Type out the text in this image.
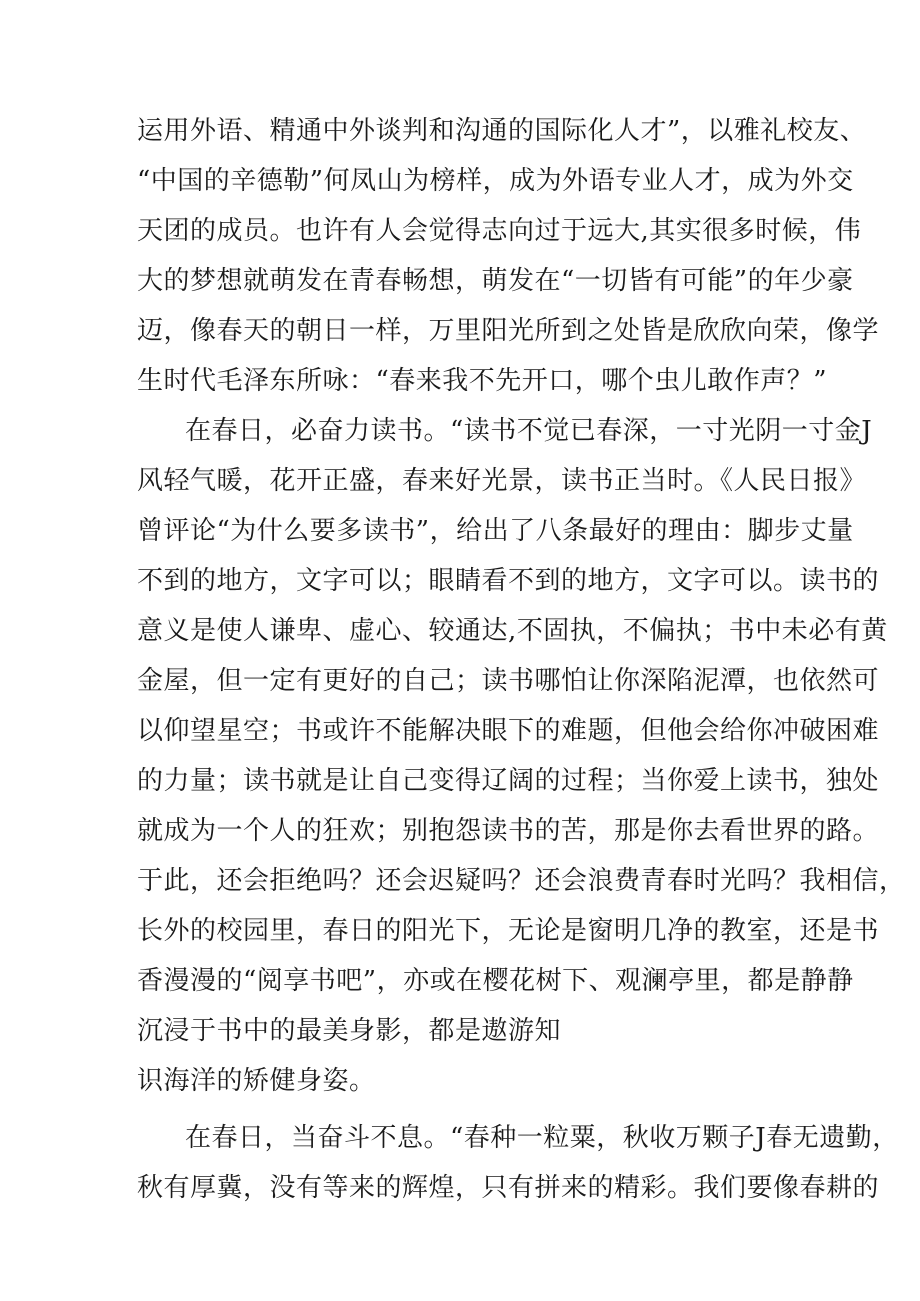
运用外语、精通中外谈判和沟通的国际化人才”，以雅礼校友、
“中国的辛德勒”何凤山为榜样，成为外语专业人才，成为外交
天团的成员。也许有人会觉得志向过于远大,其实很多时候，伟
大的梦想就萌发在青春畅想，萌发在“一切皆有可能”的年少豪
迈，像春天的朝日一样，万里阳光所到之处皆是欣欣向荣，像学
生时代毛泽东所咏：“春来我不先开口，哪个虫儿敢作声？”
在春日，必奋力读书。“读书不觉已春深，一寸光阴一寸金J
风轻气暖，花开正盛，春来好光景，读书正当时。《人民日报》
曾评论“为什么要多读书”，给出了八条最好的理由：脚步丈量
不到的地方，文字可以；眼睛看不到的地方，文字可以。读书的
意义是使人谦卑、虚心、较通达,不固执，不偏执；书中未必有黄
金屋，但一定有更好的自己；读书哪怕让你深陷泥潭，也依然可
以仰望星空；书或许不能解决眼下的难题，但他会给你冲破困难
的力量；读书就是让自己变得辽阔的过程；当你爱上读书，独处
就成为一个人的狂欢；别抱怨读书的苦，那是你去看世界的路。
于此，还会拒绝吗？还会迟疑吗？还会浪费青春时光吗？我相信，
长外的校园里，春日的阳光下，无论是窗明几净的教室，还是书
香漫漫的“阅享书吧”，亦或在樱花树下、观澜亭里，都是静静
沉浸于书中的最美身影，都是遨游知
识海洋的矫健身姿。
在春日，当奋斗不息。“春种一粒粟，秋收万颗子J春无遗勤，
秋有厚冀，没有等来的辉煌，只有拼来的精彩。我们要像春耕的
